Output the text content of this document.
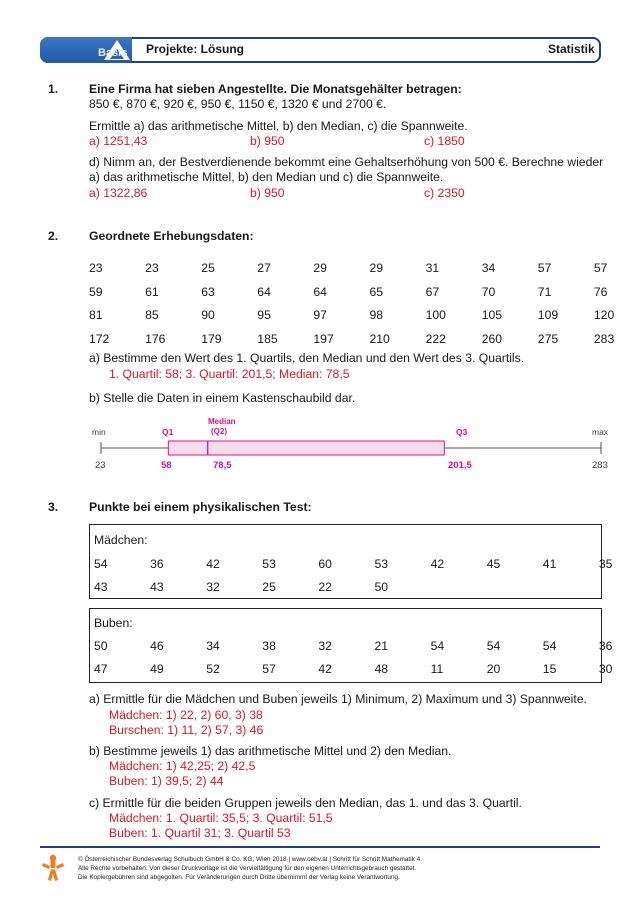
Basis Projekte: Lösung	Statistik
1.	Eine Firma hat sieben Angestellte. Die Monatsgehälter betragen:
850 €, 870 €, 920 €, 950 €, 1150 €, 1320 € und 2700 €.
Ermittle a) das arithmetische Mittel, b) den Median, c) die Spannweite.
a) 1251,43	b) 950	c) 1850
d) Nimm an, der Bestverdienende bekommt eine Gehaltserhöhung von 500 €. Berechne wieder
a) das arithmetische Mittel, b) den Median und c) die Spannweite.
a) 1322,86	b) 950	c) 2350
2.	Geordnete Erhebungsdaten:
23	23	25	27	29	29	31	34	57	57
59	61	63	64	64	65	67	70	71	76
81	85	90	95	97	98	100	105	109	120
172	176	179	185	197	210	222	260	275	283
a) Bestimme den Wert des 1. Quartils, den Median und den Wert des 3. Quartils.
1. Quartil: 58; 3. Quartil: 201,5; Median: 78,5
b) Stelle die Daten in einem Kastenschaubild dar.
min	Q1
Median
(Q2)	Q3	max
23	58	78,5	201,5	283
3.	Punkte bei einem physikalischen Test:
Mädchen:
54	36	42	53	60	53	42	45	41	35
43	43	32	25	22	50
Buben:
50	46	34	38	32	21	54	54	54	36
47	49	52	57	42	48	11	20	15	30
a) Ermittle für die Mädchen und Buben jeweils 1) Minimum, 2) Maximum und 3) Spannweite.
Mädchen: 1) 22, 2) 60, 3) 38
Burschen: 1) 11, 2) 57, 3) 46
b) Bestimme jeweils 1) das arithmetische Mittel und 2) den Median.
Mädchen: 1) 42,25; 2) 42,5
Buben: 1) 39,5; 2) 44
c) Ermittle für die beiden Gruppen jeweils den Median, das 1. und das 3. Quartil.
Mädchen: 1. Quartil: 35,5; 3. Quartil: 51,5
Buben: 1. Quartil 31; 3. Quartil 53
© Österreichischer Bundesverlag Schulbuch GmbH & Co. KG, Wien 2018 | www.oebv.at | Schritt für Schritt Mathematik 4
Alle Rechte vorbehalten. Von dieser Druckvorlage ist die Vervielfältigung für den eigenen Unterrichtsgebrauch gestattet.
Die Kopiergebühren sind abgegolten. Für Veränderungen durch Dritte übernimmt der Verlag keine Verantwortung.
